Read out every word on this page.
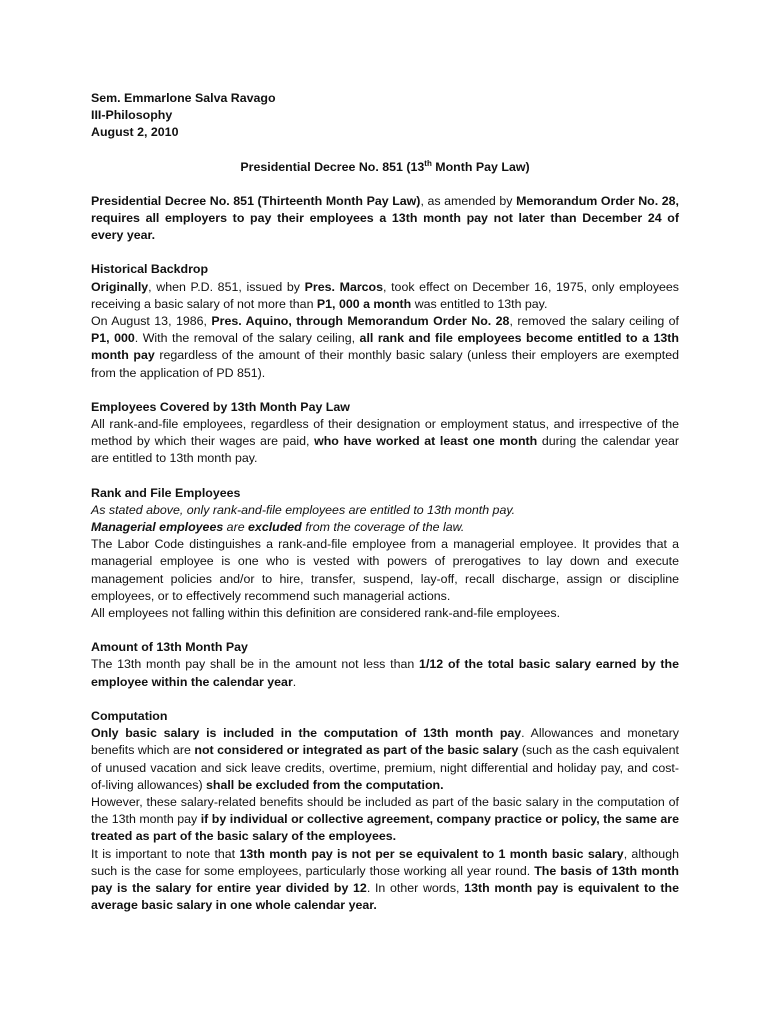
Sem. Emmarlone Salva Ravago
III-Philosophy
August 2, 2010
Presidential Decree No. 851 (13th Month Pay Law)
Presidential Decree No. 851 (Thirteenth Month Pay Law), as amended by Memorandum Order No. 28, requires all employers to pay their employees a 13th month pay not later than December 24 of every year.
Historical Backdrop
Originally, when P.D. 851, issued by Pres. Marcos, took effect on December 16, 1975, only employees receiving a basic salary of not more than P1, 000 a month was entitled to 13th pay.
On August 13, 1986, Pres. Aquino, through Memorandum Order No. 28, removed the salary ceiling of P1, 000. With the removal of the salary ceiling, all rank and file employees become entitled to a 13th month pay regardless of the amount of their monthly basic salary (unless their employers are exempted from the application of PD 851).
Employees Covered by 13th Month Pay Law
All rank-and-file employees, regardless of their designation or employment status, and irrespective of the method by which their wages are paid, who have worked at least one month during the calendar year are entitled to 13th month pay.
Rank and File Employees
As stated above, only rank-and-file employees are entitled to 13th month pay.
Managerial employees are excluded from the coverage of the law.
The Labor Code distinguishes a rank-and-file employee from a managerial employee. It provides that a managerial employee is one who is vested with powers of prerogatives to lay down and execute management policies and/or to hire, transfer, suspend, lay-off, recall discharge, assign or discipline employees, or to effectively recommend such managerial actions.
All employees not falling within this definition are considered rank-and-file employees.
Amount of 13th Month Pay
The 13th month pay shall be in the amount not less than 1/12 of the total basic salary earned by the employee within the calendar year.
Computation
Only basic salary is included in the computation of 13th month pay. Allowances and monetary benefits which are not considered or integrated as part of the basic salary (such as the cash equivalent of unused vacation and sick leave credits, overtime, premium, night differential and holiday pay, and cost-of-living allowances) shall be excluded from the computation.
However, these salary-related benefits should be included as part of the basic salary in the computation of the 13th month pay if by individual or collective agreement, company practice or policy, the same are treated as part of the basic salary of the employees.
It is important to note that 13th month pay is not per se equivalent to 1 month basic salary, although such is the case for some employees, particularly those working all year round. The basis of 13th month pay is the salary for entire year divided by 12. In other words, 13th month pay is equivalent to the average basic salary in one whole calendar year.
